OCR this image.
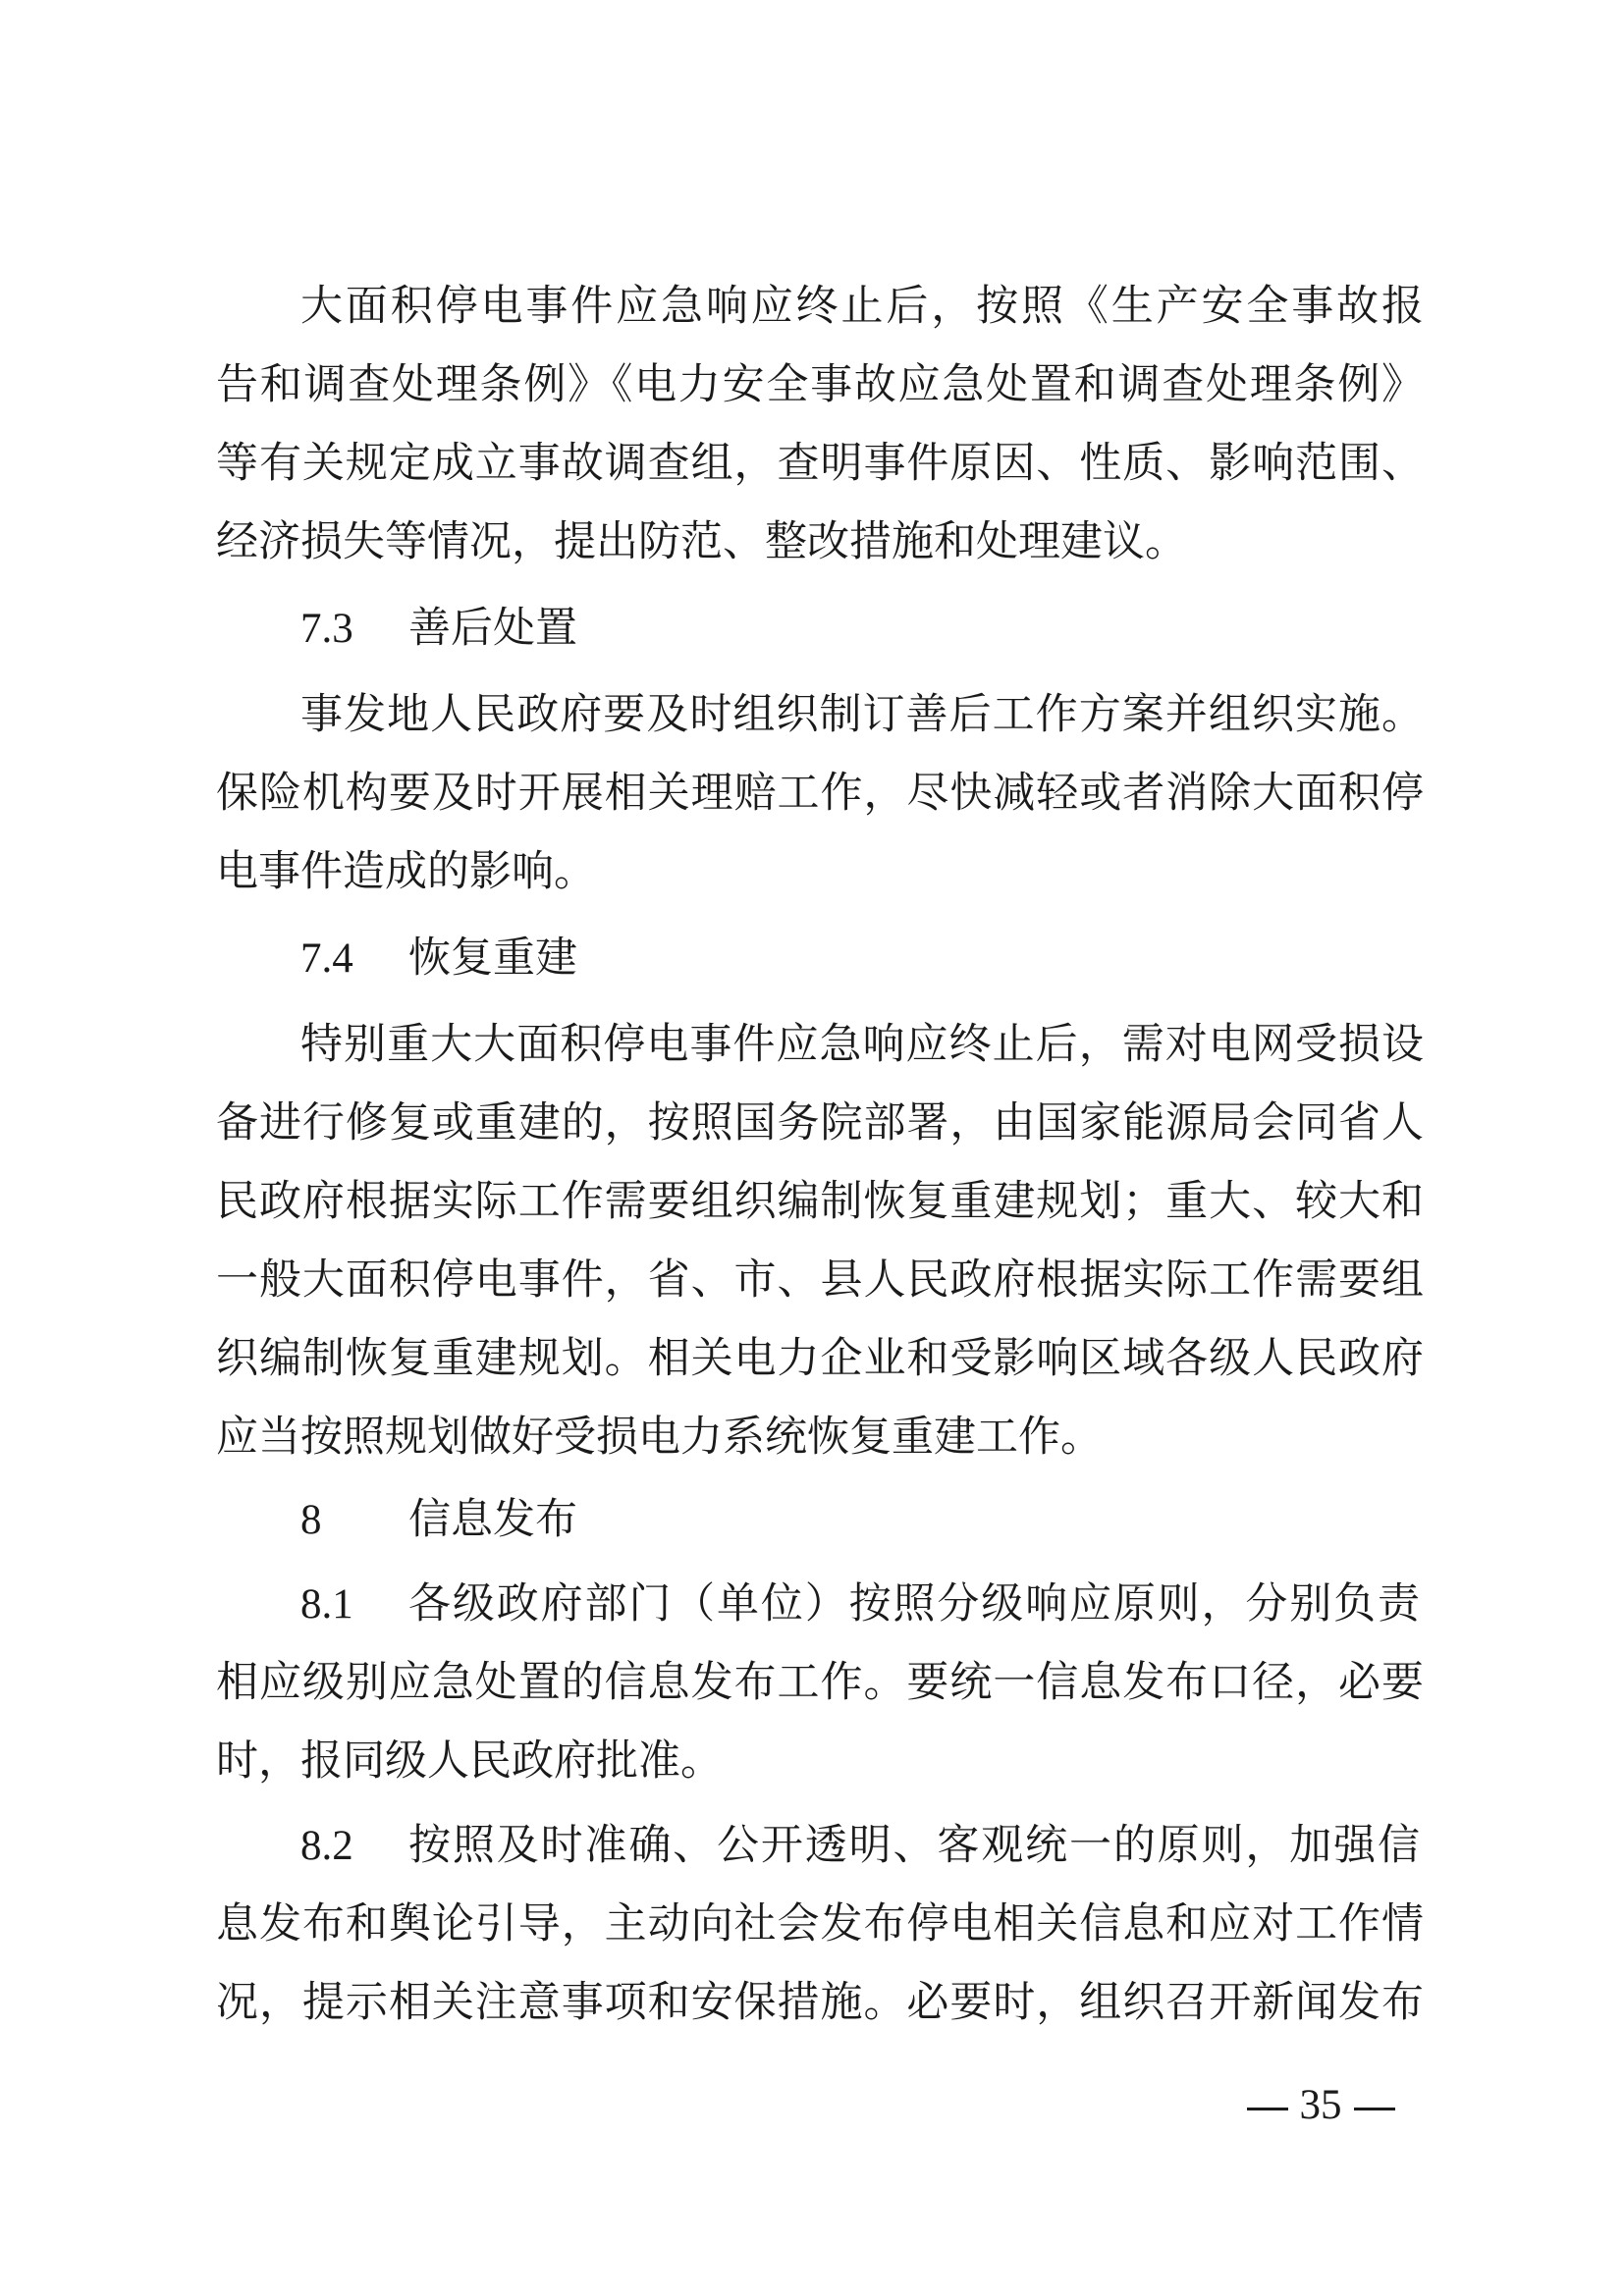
大面积停电事件应急响应终止后，按照《生产安全事故报
告和调查处理条例》《电力安全事故应急处置和调查处理条例》
等有关规定成立事故调查组，查明事件原因、性质、影响范围、
经济损失等情况，提出防范、整改措施和处理建议。
7.3 善后处置
事发地人民政府要及时组织制订善后工作方案并组织实施。
保险机构要及时开展相关理赔工作，尽快减轻或者消除大面积停
电事件造成的影响。
7.4 恢复重建
特别重大大面积停电事件应急响应终止后，需对电网受损设
备进行修复或重建的，按照国务院部署，由国家能源局会同省人
民政府根据实际工作需要组织编制恢复重建规划；重大、较大和
一般大面积停电事件，省、市、县人民政府根据实际工作需要组
织编制恢复重建规划。相关电力企业和受影响区域各级人民政府
应当按照规划做好受损电力系统恢复重建工作。
8 信息发布
8.1 各级政府部门（单位）按照分级响应原则，分别负责
相应级别应急处置的信息发布工作。要统一信息发布口径，必要
时，报同级人民政府批准。
8.2 按照及时准确、公开透明、客观统一的原则，加强信
息发布和舆论引导，主动向社会发布停电相关信息和应对工作情
况，提示相关注意事项和安保措施。必要时，组织召开新闻发布
35
